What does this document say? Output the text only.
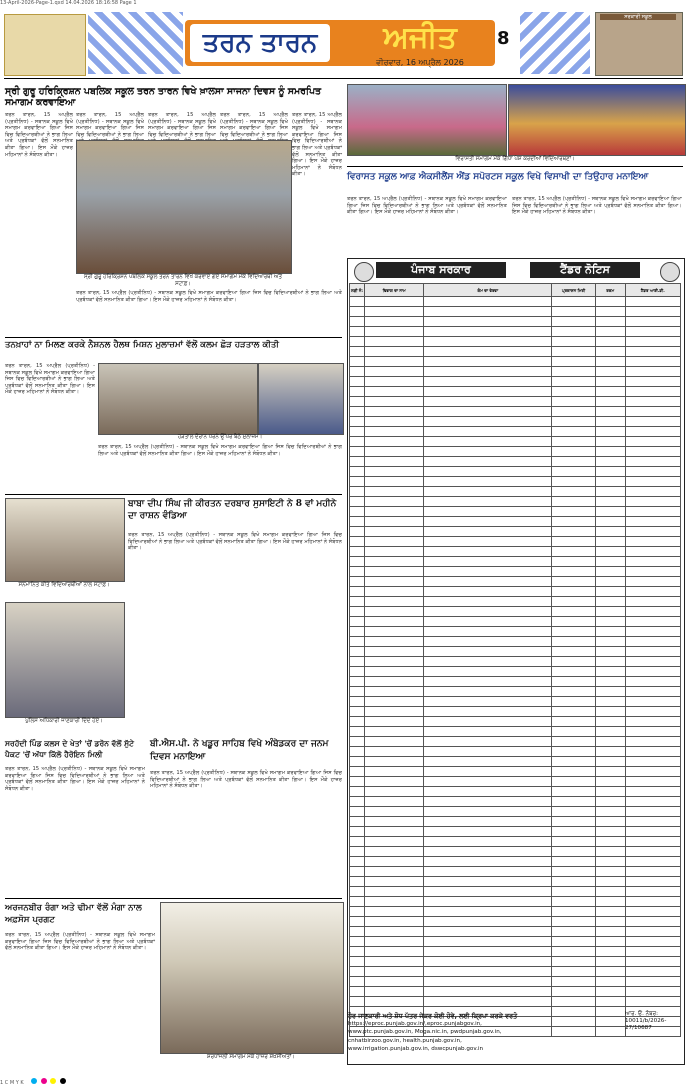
13-April-2026-Page-1.qxd 14.04.2026 18:16:58 Page 1
ਤਰਨ ਤਾਰਨ	ਅਜੀਤ
ਅਜੀਤ ਸਪਲੀਮੈਂਟ
ਵੀਰਵਾਰ, 16 ਅਪ੍ਰੈਲ 2026
8
ਸਰਕਾਰੀ ਸਕੂਲ
ਸ੍ਰੀ ਗੁਰੂ ਹਰਿਕ੍ਰਿਸ਼ਨ ਪਬਲਿਕ ਸਕੂਲ ਤਰਨ ਤਾਰਨ ਵਿਖੇ ਖ਼ਾਲਸਾ ਸਾਜਨਾ ਦਿਵਸ ਨੂੰ ਸਮਰਪਿਤ ਸਮਾਗਮ ਕਰਵਾਇਆ
ਤਰਨ ਤਾਰਨ, 15 ਅਪ੍ਰੈਲ (ਪ੍ਰਤੀਨਿਧ) - ਸਥਾਨਕ ਸਕੂਲ ਵਿਖੇ ਸਮਾਗਮ ਕਰਵਾਇਆ ਗਿਆ ਜਿਸ ਵਿਚ ਵਿਦਿਆਰਥੀਆਂ ਨੇ ਭਾਗ ਲਿਆ ਅਤੇ ਪ੍ਰਬੰਧਕਾਂ ਵੱਲੋਂ ਸਨਮਾਨਿਤ ਕੀਤਾ ਗਿਆ। ਇਸ ਮੌਕੇ ਹਾਜ਼ਰ ਮਹਿਮਾਨਾਂ ਨੇ ਸੰਬੋਧਨ ਕੀਤਾ।
ਤਰਨ ਤਾਰਨ, 15 ਅਪ੍ਰੈਲ (ਪ੍ਰਤੀਨਿਧ) - ਸਥਾਨਕ ਸਕੂਲ ਵਿਖੇ ਸਮਾਗਮ ਕਰਵਾਇਆ ਗਿਆ ਜਿਸ ਵਿਚ ਵਿਦਿਆਰਥੀਆਂ ਨੇ ਭਾਗ ਲਿਆ
ਤਰਨ ਤਾਰਨ, 15 ਅਪ੍ਰੈਲ (ਪ੍ਰਤੀਨਿਧ) - ਸਥਾਨਕ ਸਕੂਲ ਵਿਖੇ ਸਮਾਗਮ ਕਰਵਾਇਆ ਗਿਆ ਜਿਸ ਵਿਚ ਵਿਦਿਆਰਥੀਆਂ ਨੇ ਭਾਗ ਲਿਆ
ਤਰਨ ਤਾਰਨ, 15 ਅਪ੍ਰੈਲ (ਪ੍ਰਤੀਨਿਧ) - ਸਥਾਨਕ ਸਕੂਲ ਵਿਖੇ ਸਮਾਗਮ ਕਰਵਾਇਆ ਗਿਆ ਜਿਸ ਵਿਚ ਵਿਦਿਆਰਥੀਆਂ ਨੇ ਭਾਗ ਲਿਆ
ਤਰਨ ਤਾਰਨ, 15 ਅਪ੍ਰੈਲ (ਪ੍ਰਤੀਨਿਧ) - ਸਥਾਨਕ ਸਕੂਲ ਵਿਖੇ ਸਮਾਗਮ ਕਰਵਾਇਆ ਗਿਆ ਜਿਸ ਵਿਚ ਵਿਦਿਆਰਥੀਆਂ ਨੇ ਭਾਗ ਲਿਆ ਅਤੇ ਪ੍ਰਬੰਧਕਾਂ ਵੱਲੋਂ ਸਨਮਾਨਿਤ ਕੀਤਾ ਗਿਆ। ਇਸ ਮੌਕੇ ਹਾਜ਼ਰ ਮਹਿਮਾਨਾਂ ਨੇ ਸੰਬੋਧਨ ਕੀਤਾ।
ਸ੍ਰੀ ਗੁਰੂ ਹਰਿਕ੍ਰਿਸ਼ਨ ਪਬਲਿਕ ਸਕੂਲ ਤਰਨ ਤਾਰਨ ਵਿਖੇ ਕਰਵਾਏ ਗਏ ਸਮਾਗਮ ਮੌਕੇ ਵਿਦਿਆਰਥੀ ਅਤੇ ਸਟਾਫ਼।
ਤਰਨ ਤਾਰਨ, 15 ਅਪ੍ਰੈਲ (ਪ੍ਰਤੀਨਿਧ) - ਸਥਾਨਕ ਸਕੂਲ ਵਿਖੇ ਸਮਾਗਮ ਕਰਵਾਇਆ ਗਿਆ ਜਿਸ ਵਿਚ ਵਿਦਿਆਰਥੀਆਂ ਨੇ ਭਾਗ ਲਿਆ ਅਤੇ ਪ੍ਰਬੰਧਕਾਂ ਵੱਲੋਂ ਸਨਮਾਨਿਤ ਕੀਤਾ ਗਿਆ। ਇਸ ਮੌਕੇ ਹਾਜ਼ਰ ਮਹਿਮਾਨਾਂ ਨੇ ਸੰਬੋਧਨ ਕੀਤਾ।
ਵਿਰਾਸਤੀ ਸਮਾਗਮ ਮੌਕੇ ਗਿੱਧਾ ਪੇਸ਼ ਕਰਦੀਆਂ ਵਿਦਿਆਰਥਣਾਂ।
ਵਿਰਾਸਤ ਸਕੂਲ ਆਫ਼ ਐਕਸੀਲੈਂਸ ਐਂਡ ਸਪੋਰਟਸ ਸਕੂਲ ਵਿਖੇ ਵਿਸਾਖੀ ਦਾ ਤਿਉਹਾਰ ਮਨਾਇਆ
ਤਰਨ ਤਾਰਨ, 15 ਅਪ੍ਰੈਲ (ਪ੍ਰਤੀਨਿਧ) - ਸਥਾਨਕ ਸਕੂਲ ਵਿਖੇ ਸਮਾਗਮ ਕਰਵਾਇਆ ਗਿਆ ਜਿਸ ਵਿਚ ਵਿਦਿਆਰਥੀਆਂ ਨੇ ਭਾਗ ਲਿਆ ਅਤੇ ਪ੍ਰਬੰਧਕਾਂ ਵੱਲੋਂ ਸਨਮਾਨਿਤ ਕੀਤਾ ਗਿਆ। ਇਸ ਮੌਕੇ ਹਾਜ਼ਰ ਮਹਿਮਾਨਾਂ ਨੇ ਸੰਬੋਧਨ ਕੀਤਾ।
ਤਰਨ ਤਾਰਨ, 15 ਅਪ੍ਰੈਲ (ਪ੍ਰਤੀਨਿਧ) - ਸਥਾਨਕ ਸਕੂਲ ਵਿਖੇ ਸਮਾਗਮ ਕਰਵਾਇਆ ਗਿਆ ਜਿਸ ਵਿਚ ਵਿਦਿਆਰਥੀਆਂ ਨੇ ਭਾਗ ਲਿਆ ਅਤੇ ਪ੍ਰਬੰਧਕਾਂ ਵੱਲੋਂ ਸਨਮਾਨਿਤ ਕੀਤਾ ਗਿਆ। ਇਸ ਮੌਕੇ ਹਾਜ਼ਰ ਮਹਿਮਾਨਾਂ ਨੇ ਸੰਬੋਧਨ ਕੀਤਾ।
ਤਨਖ਼ਾਹਾਂ ਨਾ ਮਿਲਣ ਕਰਕੇ ਨੈਸ਼ਨਲ ਹੈਲਥ ਮਿਸ਼ਨ ਮੁਲਾਜ਼ਮਾਂ ਵੱਲੋਂ ਕਲਮ ਛੋੜ ਹੜਤਾਲ ਕੀਤੀ
ਤਰਨ ਤਾਰਨ, 15 ਅਪ੍ਰੈਲ (ਪ੍ਰਤੀਨਿਧ) - ਸਥਾਨਕ ਸਕੂਲ ਵਿਖੇ ਸਮਾਗਮ ਕਰਵਾਇਆ ਗਿਆ ਜਿਸ ਵਿਚ ਵਿਦਿਆਰਥੀਆਂ ਨੇ ਭਾਗ ਲਿਆ ਅਤੇ ਪ੍ਰਬੰਧਕਾਂ ਵੱਲੋਂ ਸਨਮਾਨਿਤ ਕੀਤਾ ਗਿਆ। ਇਸ ਮੌਕੇ ਹਾਜ਼ਰ ਮਹਿਮਾਨਾਂ ਨੇ ਸੰਬੋਧਨ ਕੀਤਾ।
ਹੜਤਾਲ ਦੌਰਾਨ ਧਰਨੇ ਉੱਪਰ ਬੈਠੇ ਮੁਲਾਜ਼ਮ।
ਤਰਨ ਤਾਰਨ, 15 ਅਪ੍ਰੈਲ (ਪ੍ਰਤੀਨਿਧ) - ਸਥਾਨਕ ਸਕੂਲ ਵਿਖੇ ਸਮਾਗਮ ਕਰਵਾਇਆ ਗਿਆ ਜਿਸ ਵਿਚ ਵਿਦਿਆਰਥੀਆਂ ਨੇ ਭਾਗ ਲਿਆ ਅਤੇ ਪ੍ਰਬੰਧਕਾਂ ਵੱਲੋਂ ਸਨਮਾਨਿਤ ਕੀਤਾ ਗਿਆ। ਇਸ ਮੌਕੇ ਹਾਜ਼ਰ ਮਹਿਮਾਨਾਂ ਨੇ ਸੰਬੋਧਨ ਕੀਤਾ।
ਸਨਮਾਨਿਤ ਕੀਤੇ ਵਿਦਿਆਰਥੀਆਂ ਨਾਲ ਸਟਾਫ਼।
ਬਾਬਾ ਦੀਪ ਸਿੰਘ ਜੀ ਕੀਰਤਨ ਦਰਬਾਰ ਸੁਸਾਇਟੀ ਨੇ 8 ਵਾਂ ਮਹੀਨੇ ਦਾ ਰਾਸ਼ਨ ਵੰਡਿਆ
ਤਰਨ ਤਾਰਨ, 15 ਅਪ੍ਰੈਲ (ਪ੍ਰਤੀਨਿਧ) - ਸਥਾਨਕ ਸਕੂਲ ਵਿਖੇ ਸਮਾਗਮ ਕਰਵਾਇਆ ਗਿਆ ਜਿਸ ਵਿਚ ਵਿਦਿਆਰਥੀਆਂ ਨੇ ਭਾਗ ਲਿਆ ਅਤੇ ਪ੍ਰਬੰਧਕਾਂ ਵੱਲੋਂ ਸਨਮਾਨਿਤ ਕੀਤਾ ਗਿਆ। ਇਸ ਮੌਕੇ ਹਾਜ਼ਰ ਮਹਿਮਾਨਾਂ ਨੇ ਸੰਬੋਧਨ ਕੀਤਾ।
ਪੁਲਿਸ ਅਧਿਕਾਰੀ ਜਾਣਕਾਰੀ ਦਿੰਦੇ ਹੋਏ।
ਸਰਹੱਦੀ ਪਿੰਡ ਕਲਸ ਦੇ ਖੇਤਾਂ 'ਚੋਂ ਡਰੋਨ ਵੱਲੋਂ ਸੁੱਟੇ ਪੈਕਟ 'ਚੋਂ ਅੱਧਾ ਕਿੱਲੋ ਹੈਰੋਇਨ ਮਿਲੀ
ਤਰਨ ਤਾਰਨ, 15 ਅਪ੍ਰੈਲ (ਪ੍ਰਤੀਨਿਧ) - ਸਥਾਨਕ ਸਕੂਲ ਵਿਖੇ ਸਮਾਗਮ ਕਰਵਾਇਆ ਗਿਆ ਜਿਸ ਵਿਚ ਵਿਦਿਆਰਥੀਆਂ ਨੇ ਭਾਗ ਲਿਆ ਅਤੇ ਪ੍ਰਬੰਧਕਾਂ ਵੱਲੋਂ ਸਨਮਾਨਿਤ ਕੀਤਾ ਗਿਆ। ਇਸ ਮੌਕੇ ਹਾਜ਼ਰ ਮਹਿਮਾਨਾਂ ਨੇ ਸੰਬੋਧਨ ਕੀਤਾ।
ਬੀ.ਐਸ.ਪੀ. ਨੇ ਖਡੂਰ ਸਾਹਿਬ ਵਿਖੇ ਅੰਬੇਡਕਰ ਦਾ ਜਨਮ ਦਿਵਸ ਮਨਾਇਆ
ਤਰਨ ਤਾਰਨ, 15 ਅਪ੍ਰੈਲ (ਪ੍ਰਤੀਨਿਧ) - ਸਥਾਨਕ ਸਕੂਲ ਵਿਖੇ ਸਮਾਗਮ ਕਰਵਾਇਆ ਗਿਆ ਜਿਸ ਵਿਚ ਵਿਦਿਆਰਥੀਆਂ ਨੇ ਭਾਗ ਲਿਆ ਅਤੇ ਪ੍ਰਬੰਧਕਾਂ ਵੱਲੋਂ ਸਨਮਾਨਿਤ ਕੀਤਾ ਗਿਆ। ਇਸ ਮੌਕੇ ਹਾਜ਼ਰ ਮਹਿਮਾਨਾਂ ਨੇ ਸੰਬੋਧਨ ਕੀਤਾ।
ਅਰਜਨਬੀਰ ਰੰਗਾ ਅਤੇ ਢੀਮਾ ਵੱਲੋਂ ਮੰਗਾ ਨਾਲ ਅਫ਼ਸੋਸ ਪ੍ਰਗਟ
ਤਰਨ ਤਾਰਨ, 15 ਅਪ੍ਰੈਲ (ਪ੍ਰਤੀਨਿਧ) - ਸਥਾਨਕ ਸਕੂਲ ਵਿਖੇ ਸਮਾਗਮ ਕਰਵਾਇਆ ਗਿਆ ਜਿਸ ਵਿਚ ਵਿਦਿਆਰਥੀਆਂ ਨੇ ਭਾਗ ਲਿਆ ਅਤੇ ਪ੍ਰਬੰਧਕਾਂ ਵੱਲੋਂ ਸਨਮਾਨਿਤ ਕੀਤਾ ਗਿਆ। ਇਸ ਮੌਕੇ ਹਾਜ਼ਰ ਮਹਿਮਾਨਾਂ ਨੇ ਸੰਬੋਧਨ ਕੀਤਾ।
ਸ਼ਰਧਾਂਜਲੀ ਸਮਾਗਮ ਮੌਕੇ ਹਾਜ਼ਰ ਸ਼ਖ਼ਸੀਅਤਾਂ।
ਪੰਜਾਬ ਸਰਕਾਰ	ਟੈਂਡਰ ਨੋਟਿਸ
ਲੜੀ ਨੰ:	ਵਿਭਾਗ ਦਾ ਨਾਮ	ਕੰਮ ਦਾ ਵੇਰਵਾ	ਪ੍ਰਕਾਸ਼ਨ ਮਿਤੀ	ਰਕਮ	ਟੈਂਡਰ ਆਈ.ਡੀ.

ਹੋਰ ਜਾਣਕਾਰੀ ਅਤੇ ਸ਼ੋਧ ਪੱਤਰ ਜੇਕਰ ਕੋਈ ਹੋਵੇ, ਲਈ ਕ੍ਰਿਪਾ ਕਰਕੇ ਵਰਤੋ
https://eproc.punjab.gov.in/,eproc.punjabgov.in,
www.ptc.punjab.gov.in, Moga.nic.in, pwdpunjab.gov.in,
cnhatbirzoo.gov.in, health.punjab.gov.in,
www.irrigation.punjab.gov.in, dswcpunjab.gov.in
ਆਰ. ਓ. ਨੰਬਰ: 10011/b/2026-27/10687
1 C M Y K
